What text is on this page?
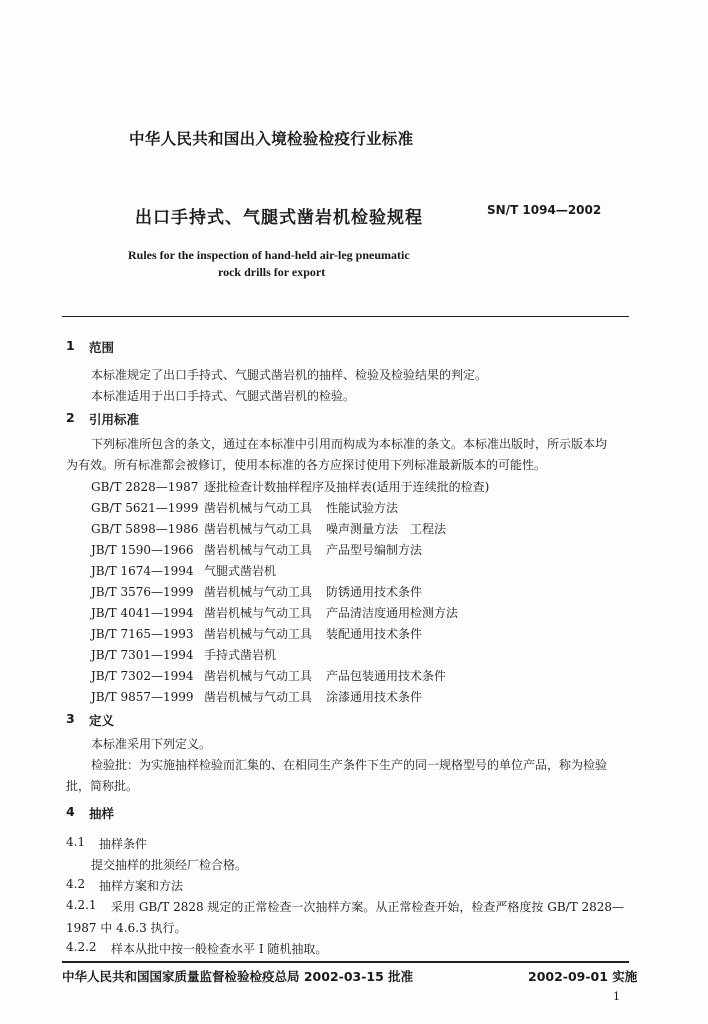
中华人民共和国出入境检验检疫行业标准
出口手持式、气腿式凿岩机检验规程	SN/T 1094—2002
Rules for the inspection of hand-held air-leg pneumatic
rock drills for export
1 范围
本标准规定了出口手持式、气腿式凿岩机的抽样、检验及检验结果的判定。
本标准适用于出口手持式、气腿式凿岩机的检验。
2 引用标准
下列标准所包含的条文，通过在本标准中引用而构成为本标准的条文。本标准出版时，所示版本均
为有效。所有标准都会被修订，使用本标准的各方应探讨使用下列标准最新版本的可能性。
GB/T 2828—1987 逐批检查计数抽样程序及抽样表(适用于连续批的检查)
GB/T 5621—1999 凿岩机械与气动工具 性能试验方法
GB/T 5898—1986 凿岩机械与气动工具 噪声测量方法　工程法
JB/T 1590—1966 凿岩机械与气动工具 产品型号编制方法
JB/T 1674—1994 气腿式凿岩机
JB/T 3576—1999 凿岩机械与气动工具 防锈通用技术条件
JB/T 4041—1994 凿岩机械与气动工具 产品清洁度通用检测方法
JB/T 7165—1993 凿岩机械与气动工具 装配通用技术条件
JB/T 7301—1994 手持式凿岩机
JB/T 7302—1994 凿岩机械与气动工具 产品包装通用技术条件
JB/T 9857—1999 凿岩机械与气动工具 涂漆通用技术条件
3 定义
本标准采用下列定义。
检验批：为实施抽样检验而汇集的、在相同生产条件下生产的同一规格型号的单位产品，称为检验
批，简称批。
4 抽样
4.1 抽样条件
提交抽样的批须经厂检合格。
4.2 抽样方案和方法
4.2.1 采用 GB/T 2828 规定的正常检查一次抽样方案。从正常检查开始，检查严格度按 GB/T 2828—
1987 中 4.6.3 执行。
4.2.2 样本从批中按一般检查水平 I 随机抽取。
中华人民共和国国家质量监督检验检疫总局 2002-03-15 批准	2002-09-01 实施
1
